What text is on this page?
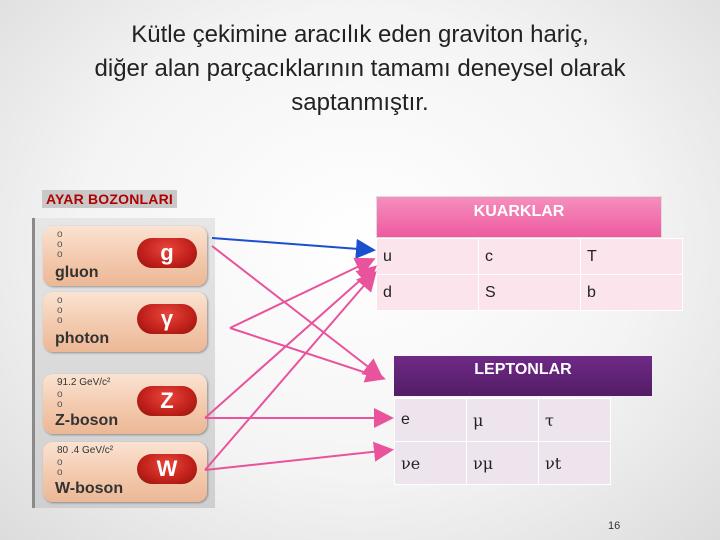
Kütle çekimine aracılık eden graviton hariç,
diğer alan parçacıklarının tamamı deneysel olarak
saptanmıştır.
AYAR BOZONLARI
o
o
o
gluon
g
o
o
o
photon
γ
91.2 GeV/c²
o
o
Z-boson
Z
80 .4 GeV/c²
o
o
W-boson
W
KUARKLAR
u	c	T
d	S	b
LEPTONLAR
e	μ	τ
νe	νμ	νt
16
